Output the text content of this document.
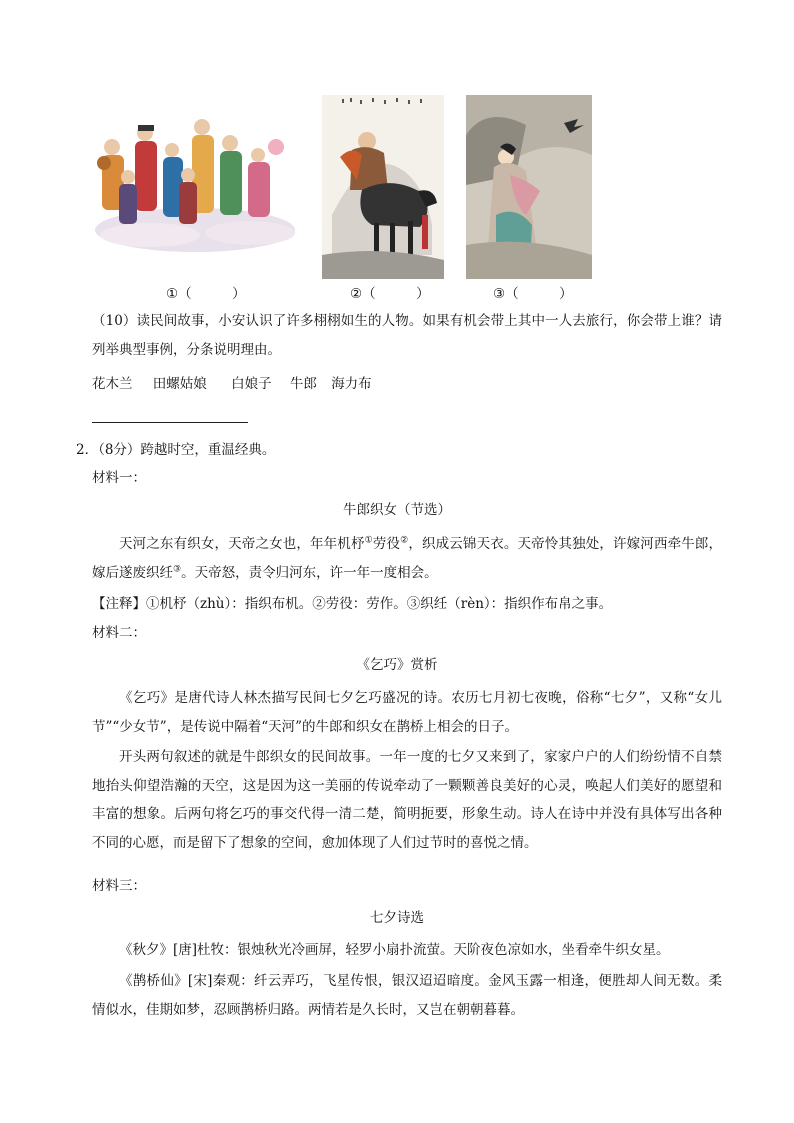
①（　　　）	②（　　　）	③（　　　）
（10）读民间故事，小安认识了许多栩栩如生的人物。如果有机会带上其中一人去旅行，你会带上谁？请列举典型事例，分条说明理由。
花木兰 田螺姑娘 白娘子 牛郎 海力布
2．（8分）跨越时空，重温经典。
材料一：
牛郎织女（节选）
天河之东有织女，天帝之女也，年年机杼①劳役②，织成云锦天衣。天帝怜其独处，许嫁河西牵牛郎，嫁后遂废织纴③。天帝怒，责令归河东，许一年一度相会。
【注释】①机杼（zhù）：指织布机。②劳役：劳作。③织纴（rèn）：指织作布帛之事。
材料二：
《乞巧》赏析
《乞巧》是唐代诗人林杰描写民间七夕乞巧盛况的诗。农历七月初七夜晚，俗称“七夕”，又称“女儿节”“少女节”，是传说中隔着“天河”的牛郎和织女在鹊桥上相会的日子。
开头两句叙述的就是牛郎织女的民间故事。一年一度的七夕又来到了，家家户户的人们纷纷情不自禁地抬头仰望浩瀚的天空，这是因为这一美丽的传说牵动了一颗颗善良美好的心灵，唤起人们美好的愿望和丰富的想象。后两句将乞巧的事交代得一清二楚，简明扼要，形象生动。诗人在诗中并没有具体写出各种不同的心愿，而是留下了想象的空间，愈加体现了人们过节时的喜悦之情。
材料三：
七夕诗选
《秋夕》[唐]杜牧：银烛秋光冷画屏，轻罗小扇扑流萤。天阶夜色凉如水，坐看牵牛织女星。
《鹊桥仙》[宋]秦观：纤云弄巧，飞星传恨，银汉迢迢暗度。金风玉露一相逢，便胜却人间无数。柔情似水，佳期如梦，忍顾鹊桥归路。两情若是久长时，又岂在朝朝暮暮。
